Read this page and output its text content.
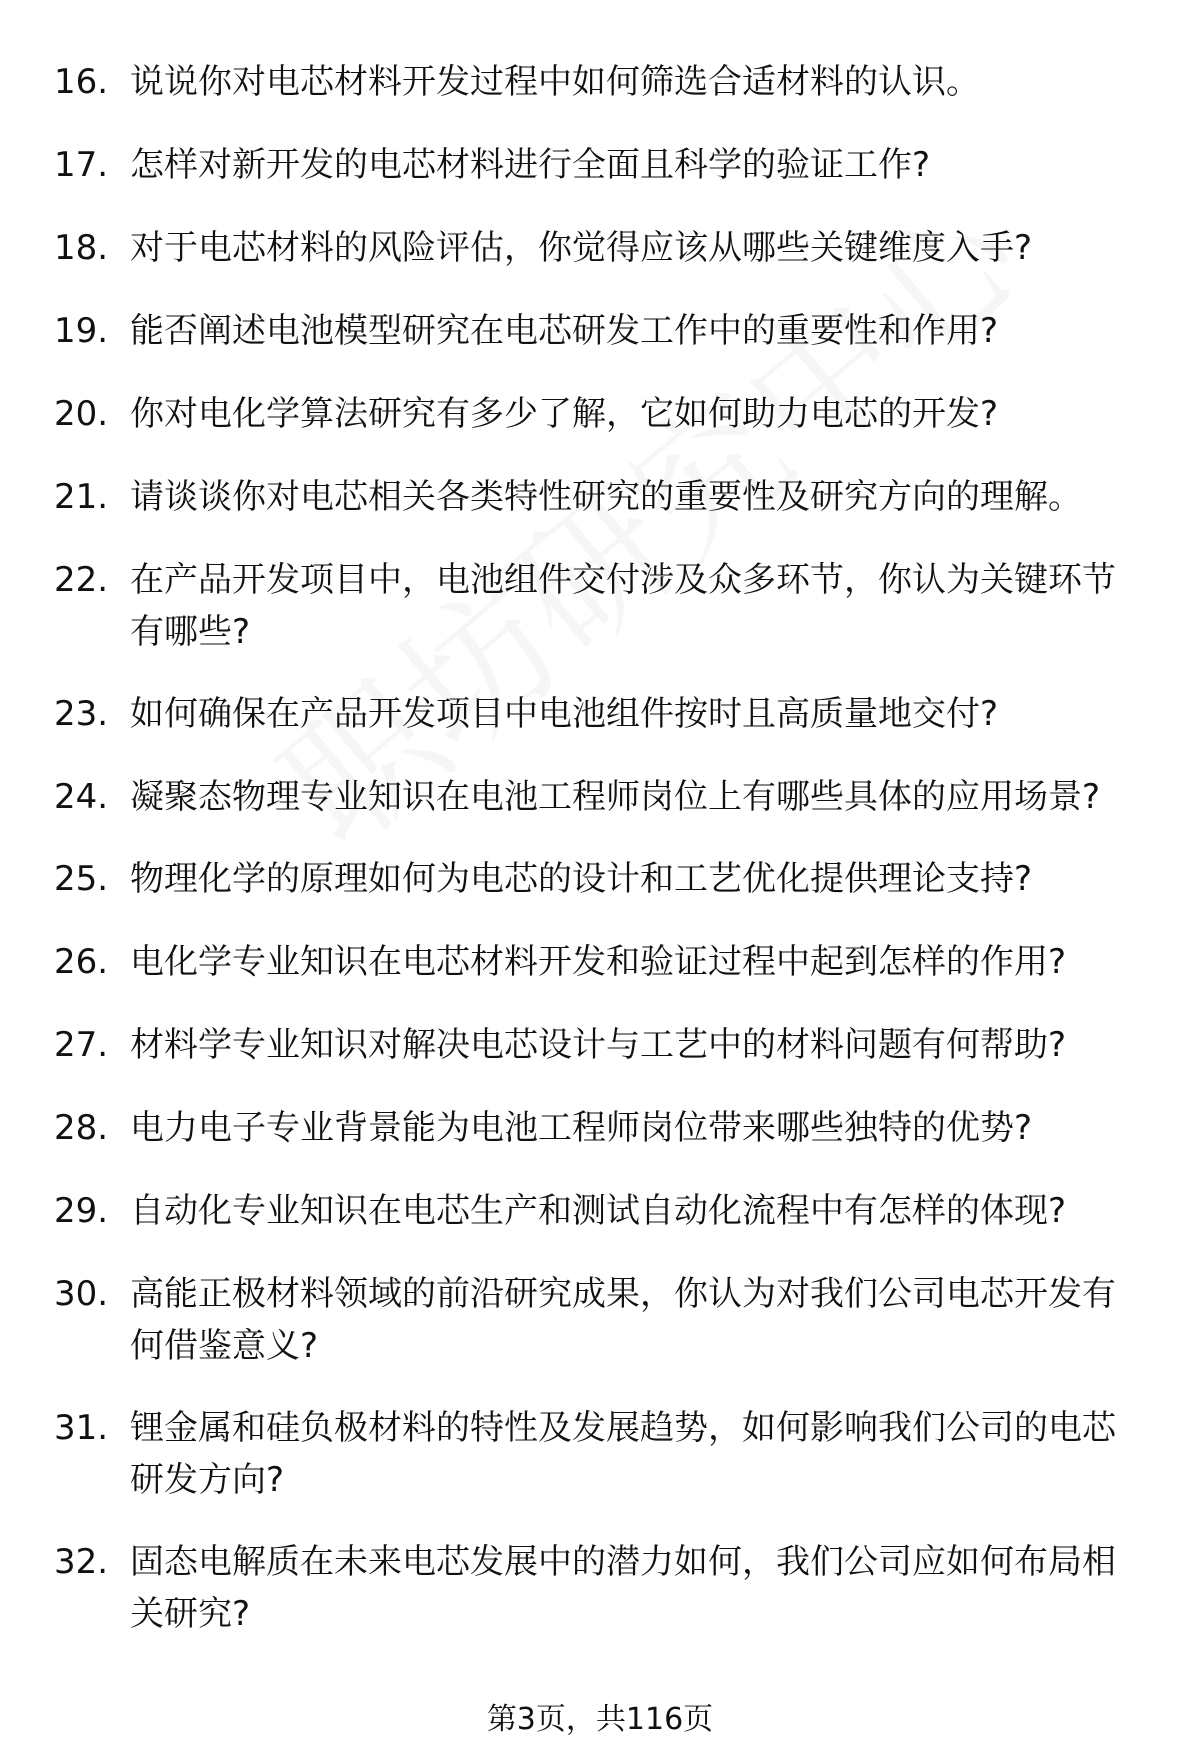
16. 说说你对电芯材料开发过程中如何筛选合适材料的认识。
17. 怎样对新开发的电芯材料进行全面且科学的验证工作?
18. 对于电芯材料的风险评估，你觉得应该从哪些关键维度入手?
19. 能否阐述电池模型研究在电芯研发工作中的重要性和作用?
20. 你对电化学算法研究有多少了解，它如何助力电芯的开发?
21. 请谈谈你对电芯相关各类特性研究的重要性及研究方向的理解。
22. 在产品开发项目中，电池组件交付涉及众多环节，你认为关键环节有哪些?
23. 如何确保在产品开发项目中电池组件按时且高质量地交付?
24. 凝聚态物理专业知识在电池工程师岗位上有哪些具体的应用场景?
25. 物理化学的原理如何为电芯的设计和工艺优化提供理论支持?
26. 电化学专业知识在电芯材料开发和验证过程中起到怎样的作用?
27. 材料学专业知识对解决电芯设计与工艺中的材料问题有何帮助?
28. 电力电子专业背景能为电池工程师岗位带来哪些独特的优势?
29. 自动化专业知识在电芯生产和测试自动化流程中有怎样的体现?
30. 高能正极材料领域的前沿研究成果，你认为对我们公司电芯开发有何借鉴意义?
31. 锂金属和硅负极材料的特性及发展趋势，如何影响我们公司的电芯研发方向?
32. 固态电解质在未来电芯发展中的潜力如何，我们公司应如何布局相关研究?
第3页，共116页
